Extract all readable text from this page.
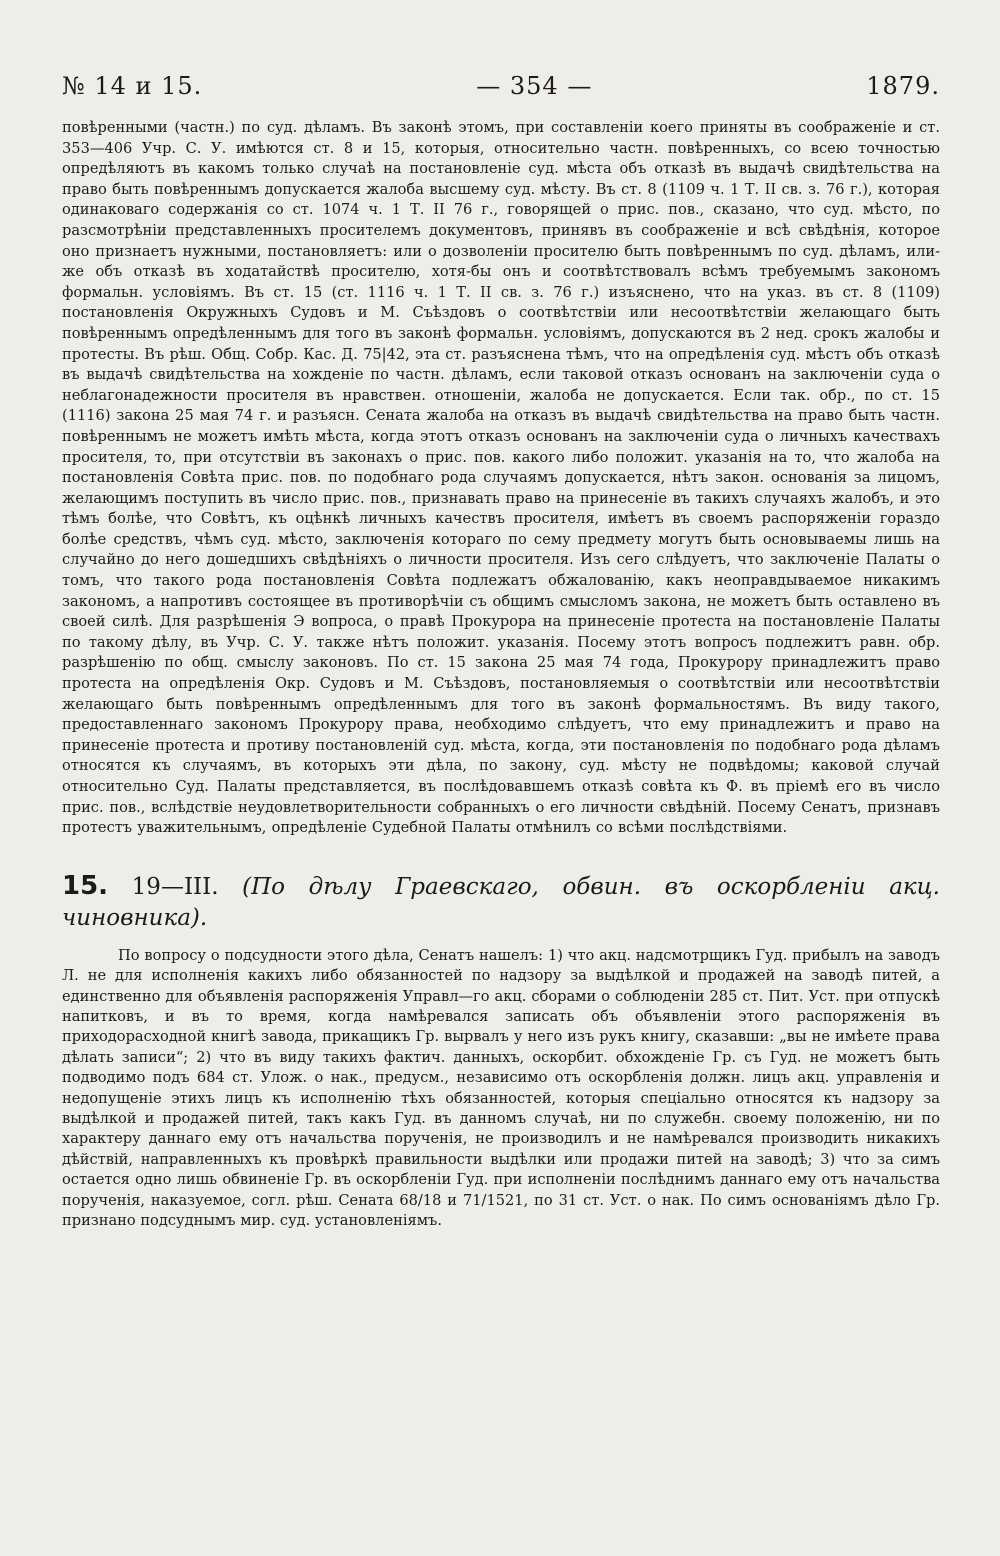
№ 14 и 15.	— 354 —	1879.

повѣренными (частн.) по суд. дѣламъ. Въ законѣ этомъ, при составленіи коего приняты въ соображеніе и ст. 353—406 Учр. С. У. имѣются ст. 8 и 15, которыя, относительно частн. повѣренныхъ, со всею точностью опредѣляютъ въ какомъ только случаѣ на постановленіе суд. мѣста объ отказѣ въ выдачѣ свидѣтельства на право быть повѣреннымъ допускается жалоба высшему суд. мѣсту. Въ ст. 8 (1109 ч. 1 Т. II св. з. 76 г.), которая одинаковаго содержанія со ст. 1074 ч. 1 Т. II 76 г., говорящей о прис. пов., сказано, что суд. мѣсто, по разсмотрѣніи представленныхъ просителемъ документовъ, принявъ въ соображеніе и всѣ свѣдѣнія, которое оно признаетъ нужными, постановляетъ: или о дозволеніи просителю быть повѣреннымъ по суд. дѣламъ, или-же объ отказѣ въ ходатайствѣ просителю, хотя-бы онъ и соотвѣтствовалъ всѣмъ требуемымъ закономъ формальн. условіямъ. Въ ст. 15 (ст. 1116 ч. 1 Т. II св. з. 76 г.) изъяснено, что на указ. въ ст. 8 (1109) постановленія Окружныхъ Судовъ и М. Съѣздовъ о соотвѣтствіи или несоотвѣтствіи желающаго быть повѣреннымъ опредѣленнымъ для того въ законѣ формальн. условіямъ, допускаются въ 2 нед. срокъ жалобы и протесты. Въ рѣш. Общ. Собр. Кас. Д. 75|42, эта ст. разъяснена тѣмъ, что на опредѣленія суд. мѣстъ объ отказѣ въ выдачѣ свидѣтельства на хожденіе по частн. дѣламъ, если таковой отказъ основанъ на заключеніи суда о неблагонадежности просителя въ нравствен. отношеніи, жалоба не допускается. Если так. обр., по ст. 15 (1116) закона 25 мая 74 г. и разъясн. Сената жалоба на отказъ въ выдачѣ свидѣтельства на право быть частн. повѣреннымъ не можетъ имѣть мѣста, когда этотъ отказъ основанъ на заключеніи суда о личныхъ качествахъ просителя, то, при отсутствіи въ законахъ о прис. пов. какого либо положит. указанія на то, что жалоба на постановленія Совѣта прис. пов. по подобнаго рода случаямъ допускается, нѣтъ закон. основанія за лицомъ, желающимъ поступить въ число прис. пов., признавать право на принесеніе въ такихъ случаяхъ жалобъ, и это тѣмъ болѣе, что Совѣтъ, къ оцѣнкѣ личныхъ качествъ просителя, имѣетъ въ своемъ распоряженіи гораздо болѣе средствъ, чѣмъ суд. мѣсто, заключенія котораго по сему предмету могутъ быть основываемы лишь на случайно до него дошедшихъ свѣдѣніяхъ о личности просителя. Изъ сего слѣдуетъ, что заключеніе Палаты о томъ, что такого рода постановленія Совѣта подлежатъ обжалованію, какъ неоправдываемое никакимъ закономъ, а напротивъ состоящее въ противорѣчіи съ общимъ смысломъ закона, не можетъ быть оставлено въ своей силѣ. Для разрѣшенія Э вопроса, о правѣ Прокурора на принесеніе протеста на постановленіе Палаты по такому дѣлу, въ Учр. С. У. также нѣтъ положит. указанія. Посему этотъ вопросъ подлежитъ равн. обр. разрѣшенію по общ. смыслу законовъ. По ст. 15 закона 25 мая 74 года, Прокурору принадлежитъ право протеста на опредѣленія Окр. Судовъ и М. Съѣздовъ, постановляемыя о соотвѣтствіи или несоотвѣтствіи желающаго быть повѣреннымъ опредѣленнымъ для того въ законѣ формальностямъ. Въ виду такого, предоставленнаго закономъ Прокурору права, необходимо слѣдуетъ, что ему принадлежитъ и право на принесеніе протеста и противу постановленій суд. мѣста, когда, эти постановленія по подобнаго рода дѣламъ относятся къ случаямъ, въ которыхъ эти дѣла, по закону, суд. мѣсту не подвѣдомы; каковой случай относительно Суд. Палаты представляется, въ послѣдовавшемъ отказѣ совѣта къ Ф. въ пріемѣ его въ число прис. пов., вслѣдствіе неудовлетворительности собранныхъ о его личности свѣдѣній. Посему Сенатъ, признавъ протестъ уважительнымъ, опредѣленіе Судебной Палаты отмѣнилъ со всѣми послѣдствіями.

15. 19—III. (По дѣлу Граевскаго, обвин. въ оскорбленіи акц. чиновника).

По вопросу о подсудности этого дѣла, Сенатъ нашелъ: 1) что акц. надсмотрщикъ Гуд. прибылъ на заводъ Л. не для исполненія какихъ либо обязанностей по надзору за выдѣлкой и продажей на заводѣ питей, а единственно для объявленія распоряженія Управл—го акц. сборами о соблюденіи 285 ст. Пит. Уст. при отпускѣ напитковъ, и въ то время, когда намѣревался записать объ объявленіи этого распоряженія въ приходорасходной книгѣ завода, прикащикъ Гр. вырвалъ у него изъ рукъ книгу, сказавши: „вы не имѣете права дѣлать записи“; 2) что въ виду такихъ фактич. данныхъ, оскорбит. обхожденіе Гр. съ Гуд. не можетъ быть подводимо подъ 684 ст. Улож. о нак., предусм., независимо отъ оскорбленія должн. лицъ акц. управленія и недопущеніе этихъ лицъ къ исполненію тѣхъ обязанностей, которыя спеціально относятся къ надзору за выдѣлкой и продажей питей, такъ какъ Гуд. въ данномъ случаѣ, ни по служебн. своему положенію, ни по характеру даннаго ему отъ начальства порученія, не производилъ и не намѣревался производить никакихъ дѣйствій, направленныхъ къ провѣркѣ правильности выдѣлки или продажи питей на заводѣ; 3) что за симъ остается одно лишь обвиненіе Гр. въ оскорбленіи Гуд. при исполненіи послѣднимъ даннаго ему отъ начальства порученія, наказуемое, согл. рѣш. Сената 68/18 и 71/1521, по 31 ст. Уст. о нак. По симъ основаніямъ дѣло Гр. признано подсуднымъ мир. суд. установленіямъ.
